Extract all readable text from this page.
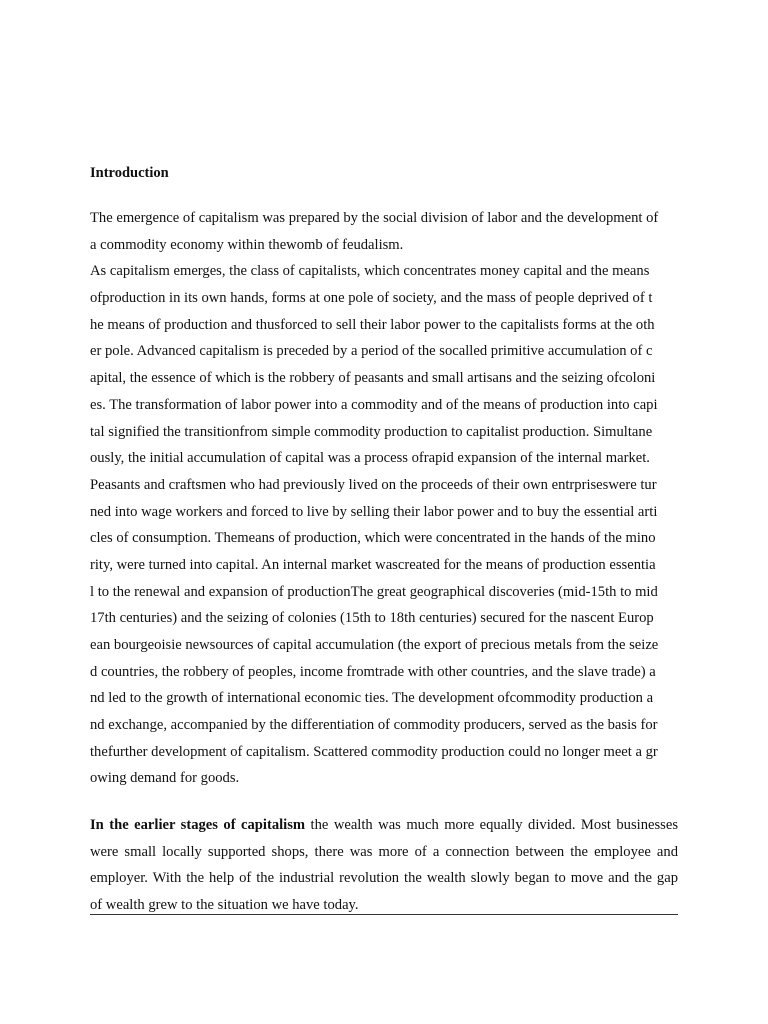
Introduction
The emergence of capitalism was prepared by the social division of labor and the development of
a commodity economy within thewomb of feudalism.
As capitalism emerges, the class of capitalists, which concentrates money capital and the means
ofproduction in its own hands, forms at one pole of society, and the mass of people deprived of t
he means of production and thusforced to sell their labor power to the capitalists forms at the oth
er pole. Advanced capitalism is preceded by a period of the socalled primitive accumulation of c
apital, the essence of which is the robbery of peasants and small artisans and the seizing ofcoloni
es. The transformation of labor power into a commodity and of the means of production into capi
tal signified the transitionfrom simple commodity production to capitalist production. Simultane
ously, the initial accumulation of capital was a process ofrapid expansion of the internal market.
Peasants and craftsmen who had previously lived on the proceeds of their own entrpriseswere tur
ned into wage workers and forced to live by selling their labor power and to buy the essential arti
cles of consumption. Themeans of production, which were concentrated in the hands of the mino
rity, were turned into capital. An internal market wascreated for the means of production essentia
l to the renewal and expansion of productionThe great geographical discoveries (mid-15th to mid
17th centuries) and the seizing of colonies (15th to 18th centuries) secured for the nascent Europ
ean bourgeoisie newsources of capital accumulation (the export of precious metals from the seize
d countries, the robbery of peoples, income fromtrade with other countries, and the slave trade) a
nd led to the growth of international economic ties. The development ofcommodity production a
nd exchange, accompanied by the differentiation of commodity producers, served as the basis for
thefurther development of capitalism. Scattered commodity production could no longer meet a gr
owing demand for goods.
In the earlier stages of capitalism the wealth was much more equally divided. Most businesses
were small locally supported shops, there was more of a connection between the employee and
employer. With the help of the industrial revolution the wealth slowly began to move and the gap
of wealth grew to the situation we have today.
